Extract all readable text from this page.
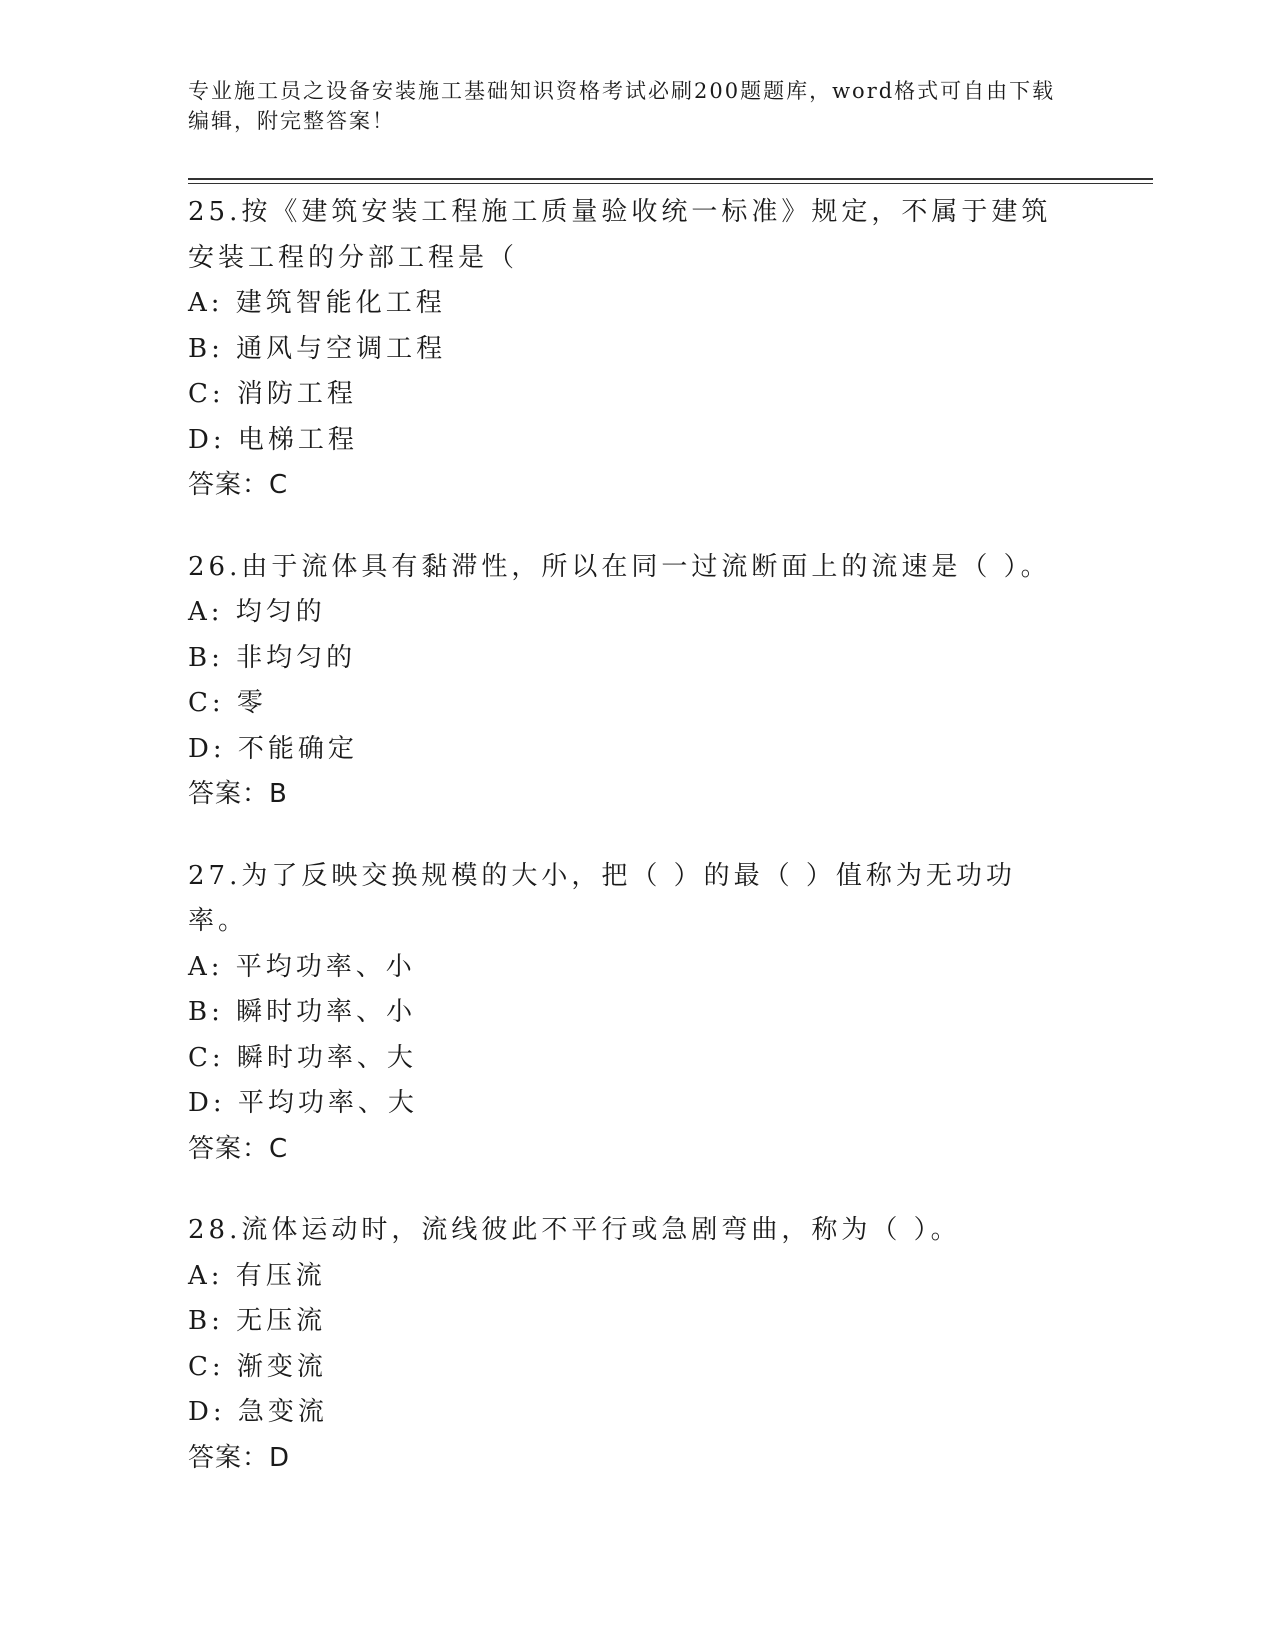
专业施工员之设备安装施工基础知识资格考试必刷200题题库，word格式可自由下载编辑，附完整答案！
25.按《建筑安装工程施工质量验收统一标准》规定，不属于建筑安装工程的分部工程是（
A: 建筑智能化工程
B: 通风与空调工程
C: 消防工程
D: 电梯工程
答案：C
26.由于流体具有黏滞性，所以在同一过流断面上的流速是（ ）。
A: 均匀的
B: 非均匀的
C: 零
D: 不能确定
答案：B
27.为了反映交换规模的大小，把（ ）的最（ ）值称为无功功率。
A: 平均功率、小
B: 瞬时功率、小
C: 瞬时功率、大
D: 平均功率、大
答案：C
28.流体运动时，流线彼此不平行或急剧弯曲，称为（ ）。
A: 有压流
B: 无压流
C: 渐变流
D: 急变流
答案：D
